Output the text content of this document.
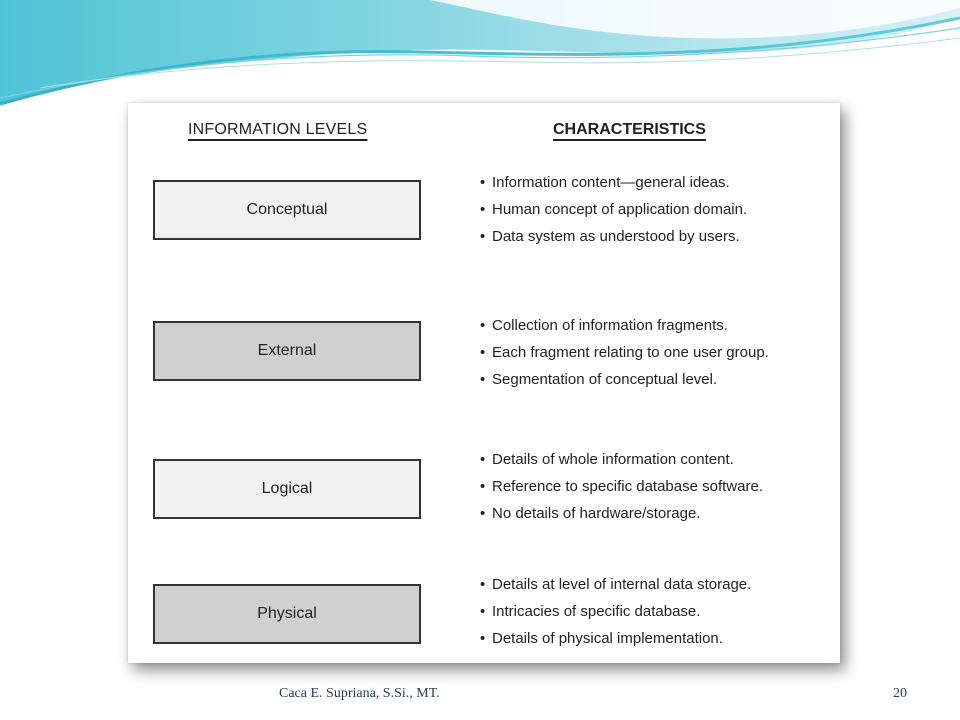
INFORMATION LEVELS	CHARACTERISTICS
Conceptual
External
Logical
Physical
• Information content—general ideas.
• Human concept of application domain.
• Data system as understood by users.
• Collection of information fragments.
• Each fragment relating to one user group.
• Segmentation of conceptual level.
• Details of whole information content.
• Reference to specific database software.
• No details of hardware/storage.
• Details at level of internal data storage.
• Intricacies of specific database.
• Details of physical implementation.
Caca E. Supriana, S.Si., MT.	20
